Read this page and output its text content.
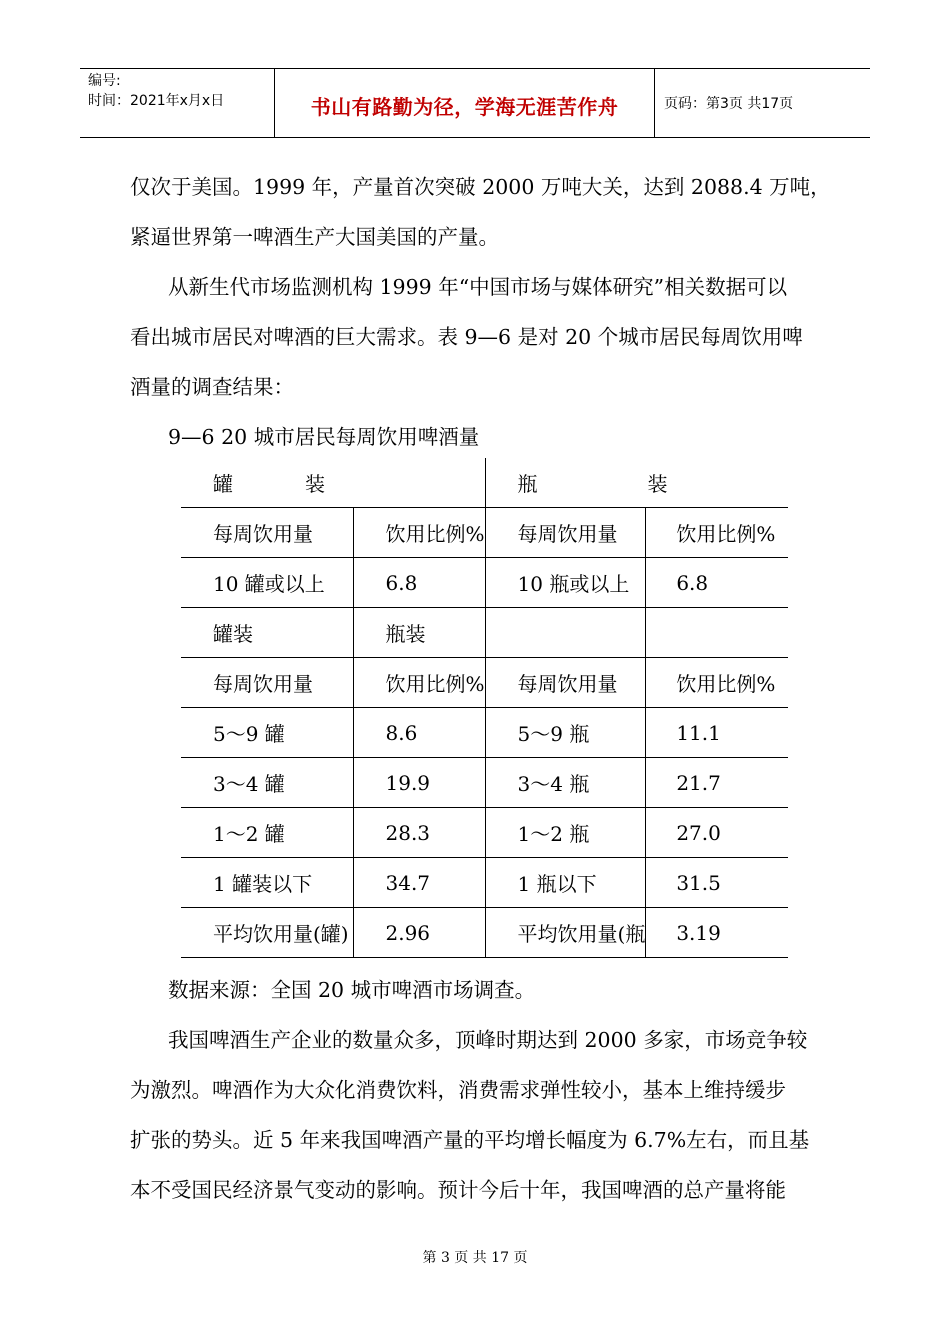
编号:
时间：2021年x月x日	书山有路勤为径，学海无涯苦作舟	页码：第3页 共17页
仅次于美国。1999 年，产量首次突破 2000 万吨大关，达到 2088.4 万吨，
紧逼世界第一啤酒生产大国美国的产量。
从新生代市场监测机构 1999 年“中国市场与媒体研究”相关数据可以
看出城市居民对啤酒的巨大需求。表 9—6 是对 20 个城市居民每周饮用啤
酒量的调查结果：
9—6 20 城市居民每周饮用啤酒量
罐装		瓶装	
每周饮用量	饮用比例%	每周饮用量	饮用比例%
10 罐或以上	6.8	10 瓶或以上	6.8
罐装	瓶装		
每周饮用量	饮用比例%	每周饮用量	饮用比例%
5～9 罐	8.6	5～9 瓶	11.1
3～4 罐	19.9	3～4 瓶	21.7
1～2 罐	28.3	1～2 瓶	27.0
1 罐装以下	34.7	1 瓶以下	31.5
平均饮用量(罐)	2.96	平均饮用量(瓶	3.19
数据来源：全国 20 城市啤酒市场调查。
我国啤酒生产企业的数量众多，顶峰时期达到 2000 多家，市场竞争较
为激烈。啤酒作为大众化消费饮料，消费需求弹性较小，基本上维持缓步
扩张的势头。近 5 年来我国啤酒产量的平均增长幅度为 6.7%左右，而且基
本不受国民经济景气变动的影响。预计今后十年，我国啤酒的总产量将能
第 3 页 共 17 页
